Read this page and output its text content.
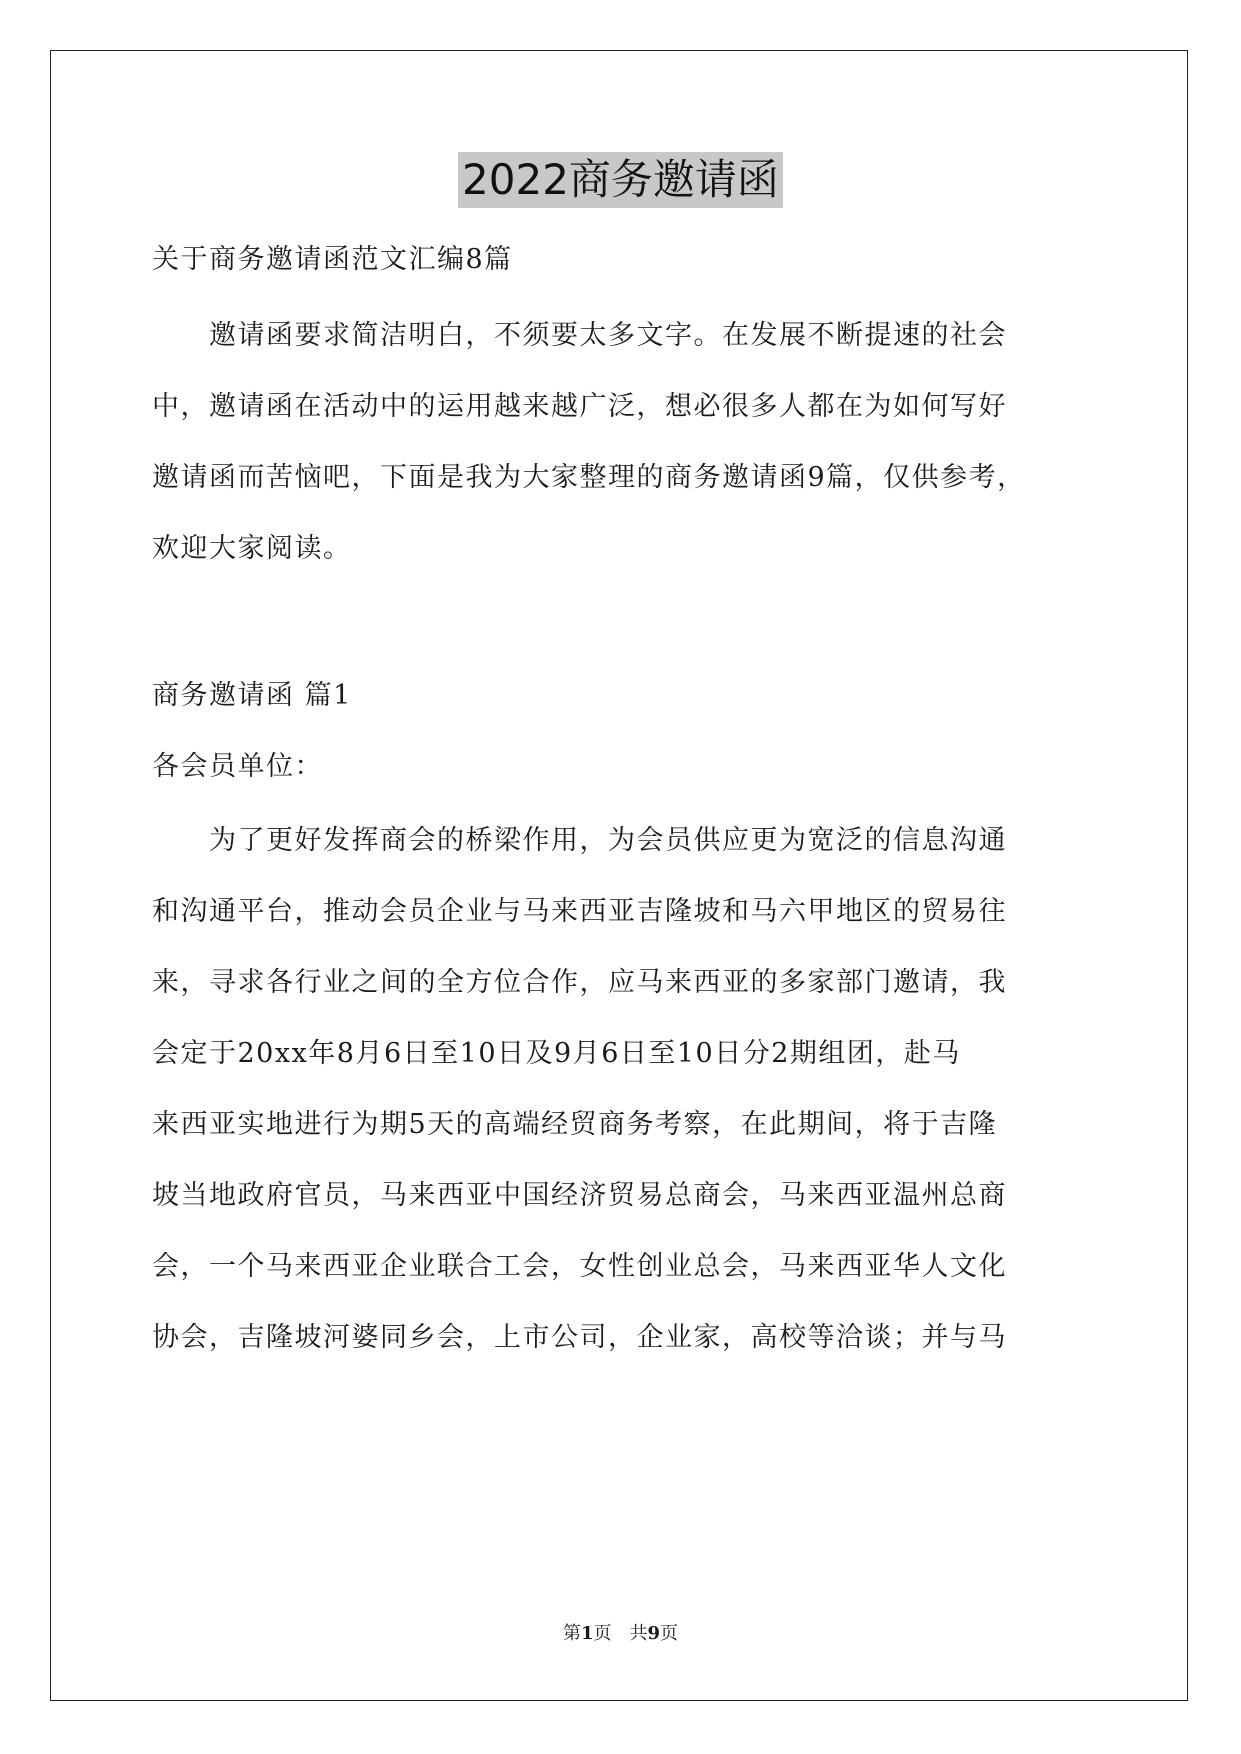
2022商务邀请函
关于商务邀请函范文汇编8篇
　　邀请函要求简洁明白，不须要太多文字。在发展不断提速的社会
中，邀请函在活动中的运用越来越广泛，想必很多人都在为如何写好
邀请函而苦恼吧，下面是我为大家整理的商务邀请函9篇，仅供参考，
欢迎大家阅读。
商务邀请函 篇1
各会员单位：
　　为了更好发挥商会的桥梁作用，为会员供应更为宽泛的信息沟通
和沟通平台，推动会员企业与马来西亚吉隆坡和马六甲地区的贸易往
来，寻求各行业之间的全方位合作，应马来西亚的多家部门邀请，我
会定于20xx年8月6日至10日及9月6日至10日分2期组团，赴马
来西亚实地进行为期5天的高端经贸商务考察，在此期间，将于吉隆
坡当地政府官员，马来西亚中国经济贸易总商会，马来西亚温州总商
会，一个马来西亚企业联合工会，女性创业总会，马来西亚华人文化
协会，吉隆坡河婆同乡会，上市公司，企业家，高校等洽谈；并与马
第1页　共9页
